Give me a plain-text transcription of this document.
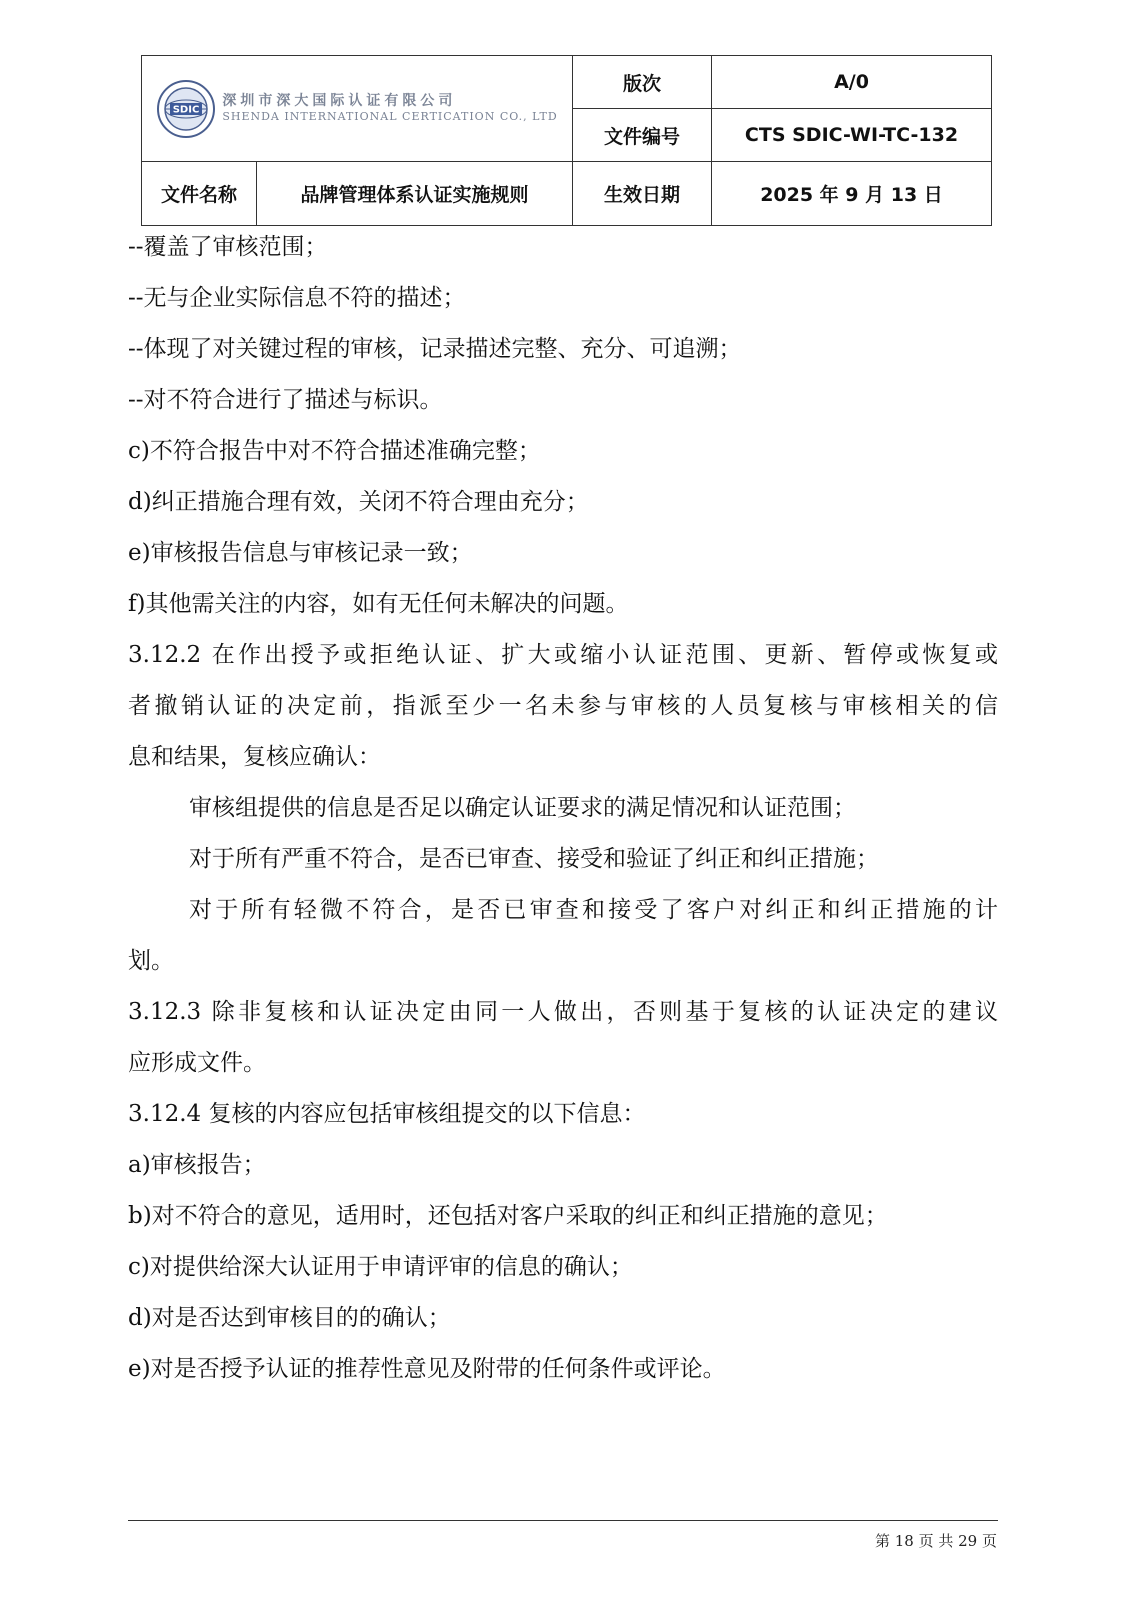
SDIC
深圳市深大国际认证有限公司
SHENDA INTERNATIONAL CERTICATION CO., LTD		版次	A/0
		文件编号	CTS SDIC-WI-TC-132
文件名称	品牌管理体系认证实施规则	生效日期	2025 年 9 月 13 日
--覆盖了审核范围；
--无与企业实际信息不符的描述；
--体现了对关键过程的审核，记录描述完整、充分、可追溯；
--对不符合进行了描述与标识。
c)不符合报告中对不符合描述准确完整；
d)纠正措施合理有效，关闭不符合理由充分；
e)审核报告信息与审核记录一致；
f)其他需关注的内容，如有无任何未解决的问题。
3.12.2 在作出授予或拒绝认证、扩大或缩小认证范围、更新、暂停或恢复或
者撤销认证的决定前，指派至少一名未参与审核的人员复核与审核相关的信
息和结果，复核应确认：
审核组提供的信息是否足以确定认证要求的满足情况和认证范围；
对于所有严重不符合，是否已审查、接受和验证了纠正和纠正措施；
对于所有轻微不符合，是否已审查和接受了客户对纠正和纠正措施的计
划。
3.12.3 除非复核和认证决定由同一人做出，否则基于复核的认证决定的建议
应形成文件。
3.12.4 复核的内容应包括审核组提交的以下信息：
a)审核报告；
b)对不符合的意见，适用时，还包括对客户采取的纠正和纠正措施的意见；
c)对提供给深大认证用于申请评审的信息的确认；
d)对是否达到审核目的的确认；
e)对是否授予认证的推荐性意见及附带的任何条件或评论。
第 18 页 共 29 页
